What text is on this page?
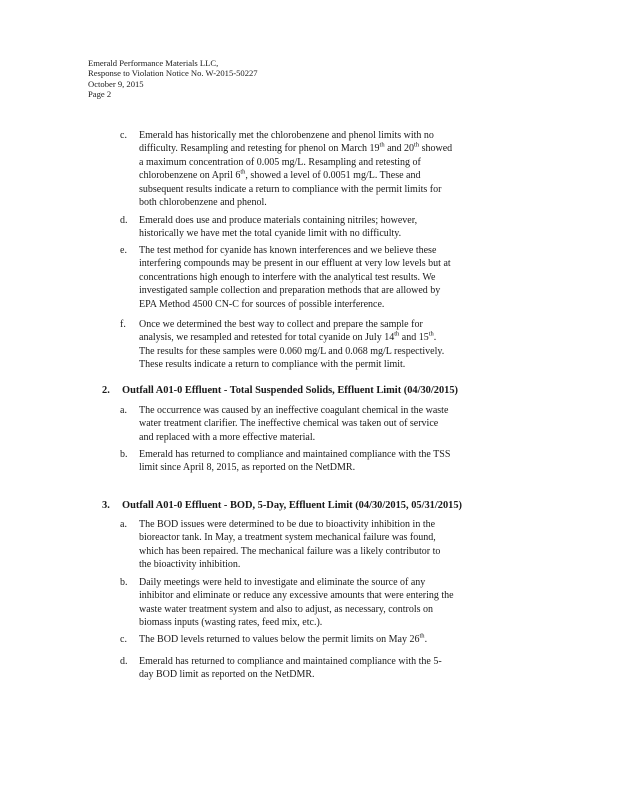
Emerald Performance Materials LLC,
Response to Violation Notice No. W-2015-50227
October 9, 2015
Page 2
c. Emerald has historically met the chlorobenzene and phenol limits with no
difficulty. Resampling and retesting for phenol on March 19th and 20th showed
a maximum concentration of 0.005 mg/L. Resampling and retesting of
chlorobenzene on April 6th, showed a level of 0.0051 mg/L. These and
subsequent results indicate a return to compliance with the permit limits for
both chlorobenzene and phenol.
d. Emerald does use and produce materials containing nitriles; however,
historically we have met the total cyanide limit with no difficulty.
e. The test method for cyanide has known interferences and we believe these
interfering compounds may be present in our effluent at very low levels but at
concentrations high enough to interfere with the analytical test results. We
investigated sample collection and preparation methods that are allowed by
EPA Method 4500 CN-C for sources of possible interference.
f. Once we determined the best way to collect and prepare the sample for
analysis, we resampled and retested for total cyanide on July 14th and 15th.
The results for these samples were 0.060 mg/L and 0.068 mg/L respectively.
These results indicate a return to compliance with the permit limit.
2. Outfall A01-0 Effluent - Total Suspended Solids, Effluent Limit (04/30/2015)
a. The occurrence was caused by an ineffective coagulant chemical in the waste
water treatment clarifier. The ineffective chemical was taken out of service
and replaced with a more effective material.
b. Emerald has returned to compliance and maintained compliance with the TSS
limit since April 8, 2015, as reported on the NetDMR.
3. Outfall A01-0 Effluent - BOD, 5-Day, Effluent Limit (04/30/2015, 05/31/2015)
a. The BOD issues were determined to be due to bioactivity inhibition in the
bioreactor tank. In May, a treatment system mechanical failure was found,
which has been repaired. The mechanical failure was a likely contributor to
the bioactivity inhibition.
b. Daily meetings were held to investigate and eliminate the source of any
inhibitor and eliminate or reduce any excessive amounts that were entering the
waste water treatment system and also to adjust, as necessary, controls on
biomass inputs (wasting rates, feed mix, etc.).
c. The BOD levels returned to values below the permit limits on May 26th.
d. Emerald has returned to compliance and maintained compliance with the 5-
day BOD limit as reported on the NetDMR.
